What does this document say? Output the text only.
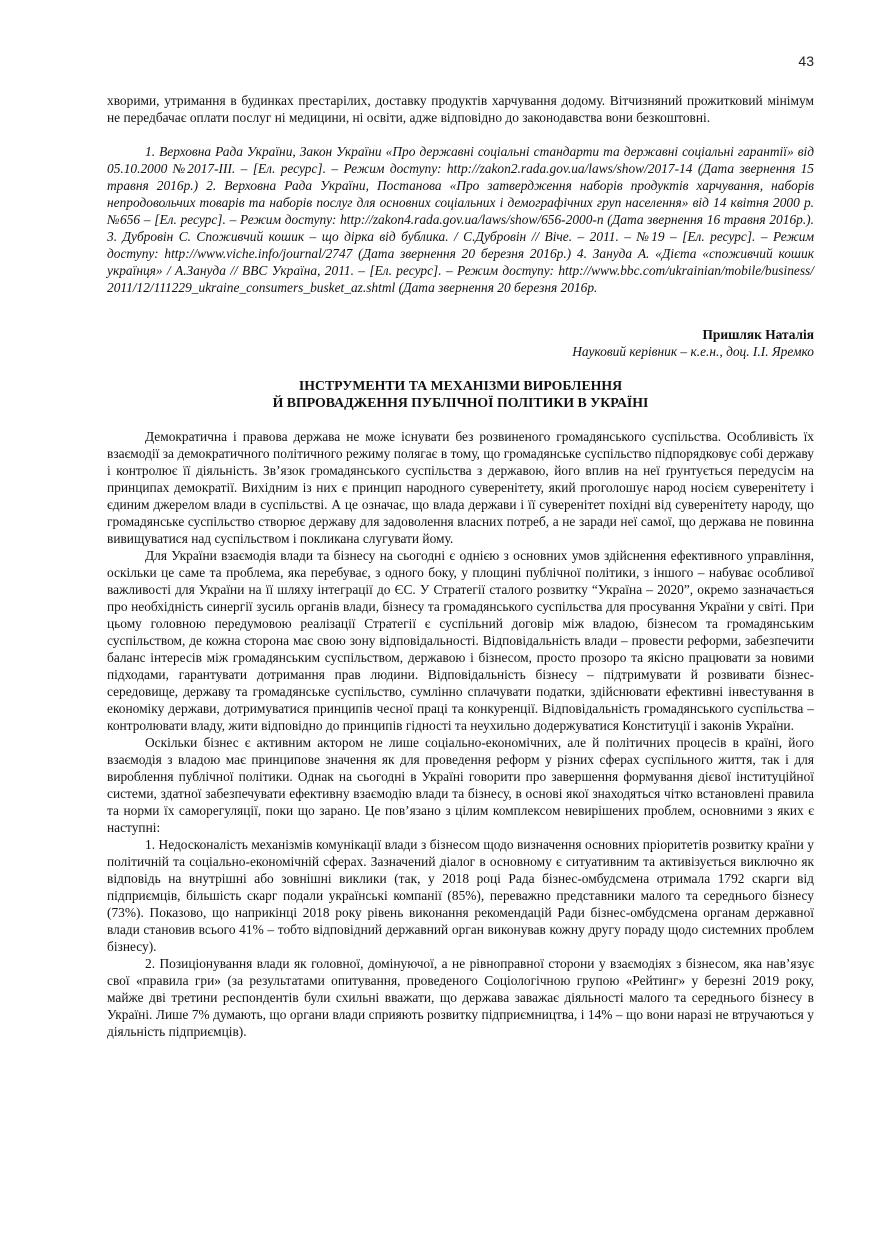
43

хворими, утримання в будинках престарілих, доставку продуктів харчування додому. Вітчизняний прожитковий мінімум не передбачає оплати послуг ні медицини, ні освіти, адже відповідно до законодавства вони безкоштовні.

1. Верховна Рада України, Закон України «Про державні соціальні стандарти та державні соціальні гарантії» від 05.10.2000 №2017-ІІІ. – [Ел. ресурс]. – Режим доступу: http://zakon2.rada.gov.ua/laws/show/2017-14 (Дата звернення 15 травня 2016р.) 2. Верховна Рада України, Постанова «Про затвердження наборів продуктів харчування, наборів непродовольчих товарів та наборів послуг для основних соціальних і демографічних груп населення» від 14 квітня 2000 р. №656 – [Ел. ресурс]. – Режим доступу: http://zakon4.rada.gov.ua/laws/show/656-2000-п (Дата звернення 16 травня 2016р.). 3. Дубровін С. Споживчий кошик – що дірка від бублика. / С.Дубровін // Віче. – 2011. – №19 – [Ел. ресурс]. – Режим доступу: http://www.viche.info/journal/2747 (Дата звернення 20 березня 2016р.) 4. Зануда А. «Дієта «споживчий кошик українця» / А.Зануда // BBC Україна, 2011. – [Ел. ресурс]. – Режим доступу: http://www.bbc.com/ukrainian/mobile/business/ 2011/12/111229_ukraine_consumers_busket_az.shtml (Дата звернення 20 березня 2016р.

Пришляк Наталія
Науковий керівник – к.е.н., доц. І.І. Яремко
ІНСТРУМЕНТИ ТА МЕХАНІЗМИ ВИРОБЛЕННЯ
Й ВПРОВАДЖЕННЯ ПУБЛІЧНОЇ ПОЛІТИКИ В УКРАЇНІ

Демократична і правова держава не може існувати без розвиненого громадянського суспільства. Особливість їх взаємодії за демократичного політичного режиму полягає в тому, що громадянське суспільство підпорядковує собі державу і контролює її діяльність. Зв’язок громадянського суспільства з державою, його вплив на неї ґрунтується передусім на принципах демократії. Вихідним із них є принцип народного суверенітету, який проголошує народ носієм суверенітету і єдиним джерелом влади в суспільстві. А це означає, що влада держави і її суверенітет похідні від суверенітету народу, що громадянське суспільство створює державу для задоволення власних потреб, а не заради неї самої, що держава не повинна вивищуватися над суспільством і покликана слугувати йому.

Для України взаємодія влади та бізнесу на сьогодні є однією з основних умов здійснення ефективного управління, оскільки це саме та проблема, яка перебуває, з одного боку, у площині публічної політики, з іншого – набуває особливої важливості для України на її шляху інтеграції до ЄС. У Стратегії сталого розвитку “Україна – 2020”, окремо зазначається про необхідність синергії зусиль органів влади, бізнесу та громадянського суспільства для просування України у світі. При цьому головною передумовою реалізації Стратегії є суспільний договір між владою, бізнесом та громадянським суспільством, де кожна сторона має свою зону відповідальності. Відповідальність влади – провести реформи, забезпечити баланс інтересів між громадянським суспільством, державою і бізнесом, просто прозоро та якісно працювати за новими підходами, гарантувати дотримання прав людини. Відповідальність бізнесу – підтримувати й розвивати бізнес-середовище, державу та громадянське суспільство, сумлінно сплачувати податки, здійснювати ефективні інвестування в економіку держави, дотримуватися принципів чесної праці та конкуренції. Відповідальність громадянського суспільства – контролювати владу, жити відповідно до принципів гідності та неухильно додержуватися Конституції і законів України.

Оскільки бізнес є активним актором не лише соціально-економічних, але й політичних процесів в країні, його взаємодія з владою має принципове значення як для проведення реформ у різних сферах суспільного життя, так і для вироблення публічної політики. Однак на сьогодні в Україні говорити про завершення формування дієвої інституційної системи, здатної забезпечувати ефективну взаємодію влади та бізнесу, в основі якої знаходяться чітко встановлені правила та норми їх саморегуляції, поки що зарано. Це пов’язано з цілим комплексом невирішених проблем, основними з яких є наступні:

1. Недосконалість механізмів комунікації влади з бізнесом щодо визначення основних пріоритетів розвитку країни у політичній та соціально-економічній сферах. Зазначений діалог в основному є ситуативним та активізується виключно як відповідь на внутрішні або зовнішні виклики (так, у 2018 році Рада бізнес-омбудсмена отримала 1792 скарги від підприємців, більшість скарг подали українські компанії (85%), переважно представники малого та середнього бізнесу (73%). Показово, що наприкінці 2018 року рівень виконання рекомендацій Ради бізнес-омбудсмена органам державної влади становив всього 41% – тобто відповідний державний орган виконував кожну другу пораду щодо системних проблем бізнесу).

2. Позиціонування влади як головної, домінуючої, а не рівноправної сторони у взаємодіях з бізнесом, яка нав’язує свої «правила гри» (за результатами опитування, проведеного Соціологічною групою «Рейтинг» у березні 2019 року, майже дві третини респондентів були схильні вважати, що держава заважає діяльності малого та середнього бізнесу в Україні. Лише 7% думають, що органи влади сприяють розвитку підприємництва, і 14% – що вони наразі не втручаються у діяльність підприємців).
